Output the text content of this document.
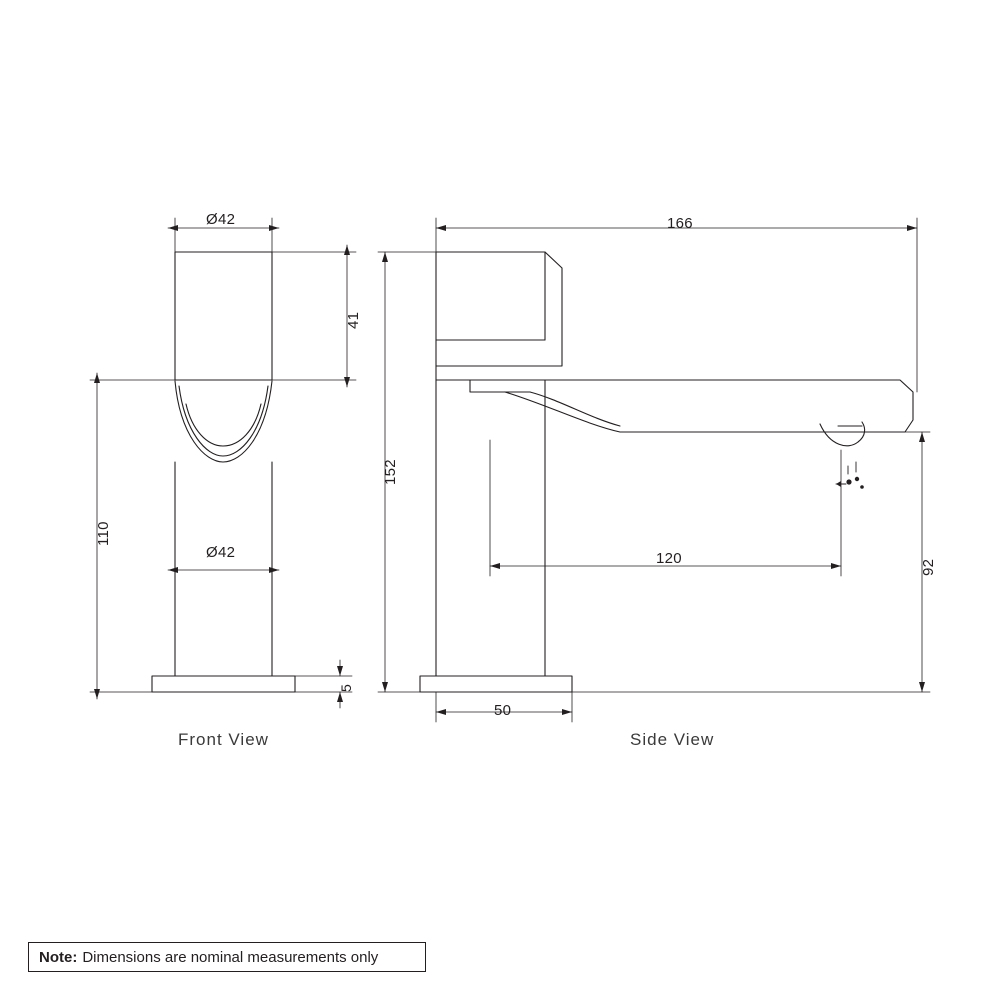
Ø42
Ø42
41
110
5
Front View
166
152
120
92
50
Side View
Note: Dimensions are nominal measurements only
